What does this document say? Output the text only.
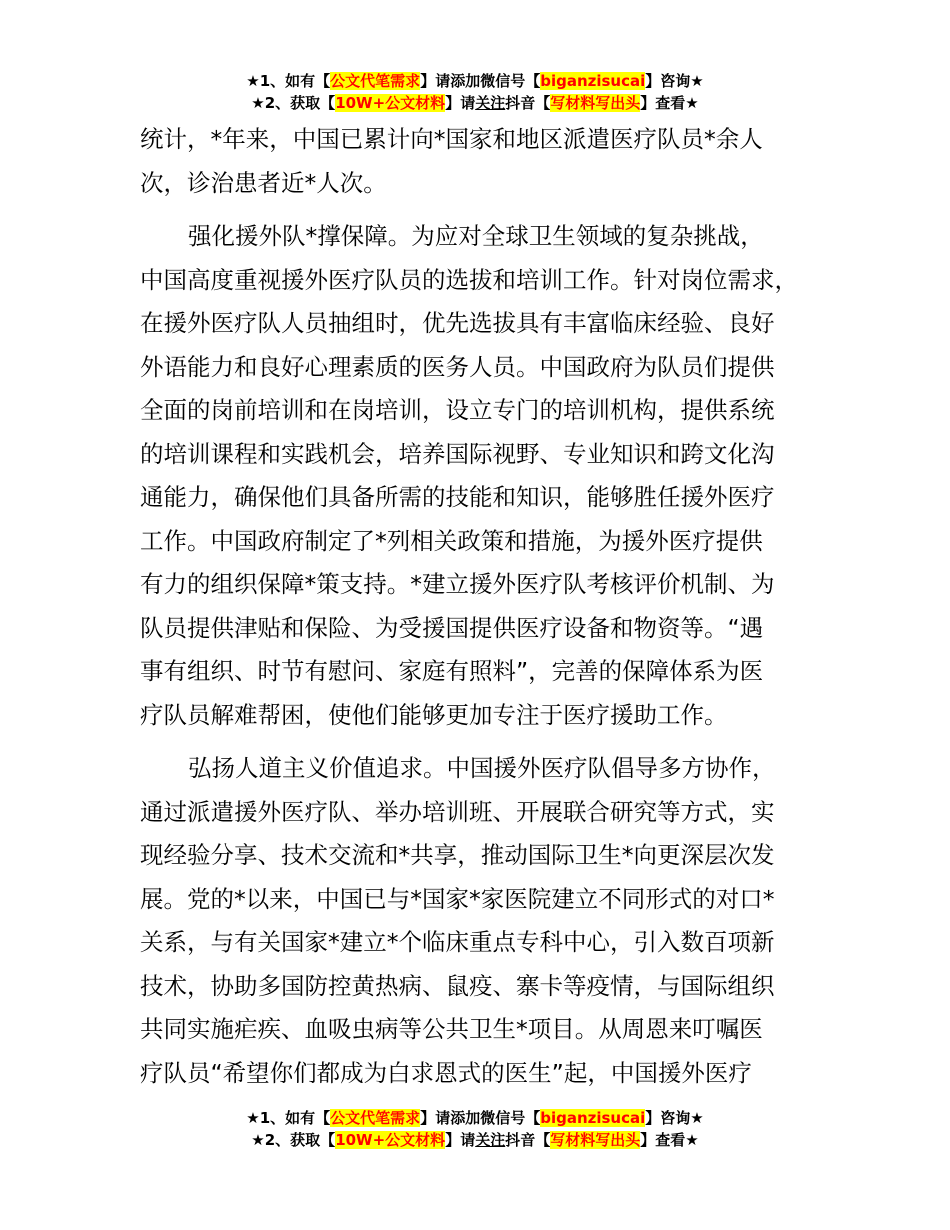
★1、如有【公文代笔需求】请添加微信号【biganzisucai】咨询★
★2、获取【10W+公文材料】请关注抖音【写材料写出头】查看★

统计，*年来，中国已累计向*国家和地区派遣医疗队员*余人

次，诊治患者近*人次。

强化援外队*撑保障。为应对全球卫生领域的复杂挑战，

中国高度重视援外医疗队员的选拔和培训工作。针对岗位需求，

在援外医疗队人员抽组时，优先选拔具有丰富临床经验、良好

外语能力和良好心理素质的医务人员。中国政府为队员们提供

全面的岗前培训和在岗培训，设立专门的培训机构，提供系统

的培训课程和实践机会，培养国际视野、专业知识和跨文化沟

通能力，确保他们具备所需的技能和知识，能够胜任援外医疗

工作。中国政府制定了*列相关政策和措施，为援外医疗提供

有力的组织保障*策支持。*建立援外医疗队考核评价机制、为

队员提供津贴和保险、为受援国提供医疗设备和物资等。“遇

事有组织、时节有慰问、家庭有照料”，完善的保障体系为医

疗队员解难帮困，使他们能够更加专注于医疗援助工作。

弘扬人道主义价值追求。中国援外医疗队倡导多方协作，

通过派遣援外医疗队、举办培训班、开展联合研究等方式，实

现经验分享、技术交流和*共享，推动国际卫生*向更深层次发

展。党的*以来，中国已与*国家*家医院建立不同形式的对口*

关系，与有关国家*建立*个临床重点专科中心，引入数百项新

技术，协助多国防控黄热病、鼠疫、寨卡等疫情，与国际组织

共同实施疟疾、血吸虫病等公共卫生*项目。从周恩来叮嘱医

疗队员“希望你们都成为白求恩式的医生”起，中国援外医疗

★1、如有【公文代笔需求】请添加微信号【biganzisucai】咨询★
★2、获取【10W+公文材料】请关注抖音【写材料写出头】查看★
